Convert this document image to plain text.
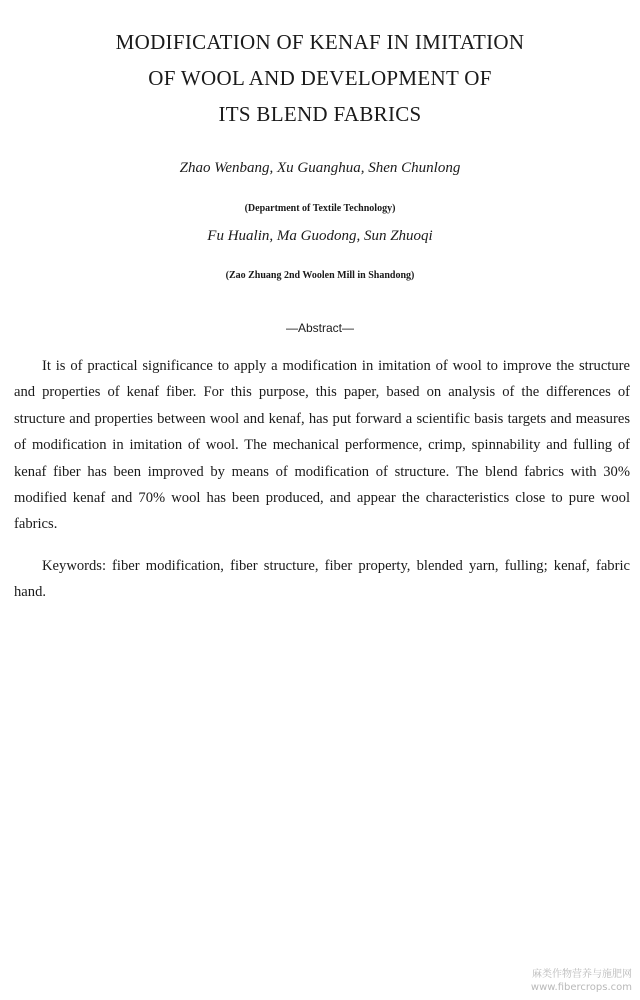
MODIFICATION OF KENAF IN IMITATION
OF WOOL AND DEVELOPMENT OF
ITS BLEND FABRICS

Zhao Wenbang, Xu Guanghua, Shen Chunlong

(Department of Textile Technology)

Fu Hualin, Ma Guodong, Sun Zhuoqi

(Zao Zhuang 2nd Woolen Mill in Shandong)

—Abstract—

It is of practical significance to apply a modification in imitation of wool to improve the structure and properties of kenaf fiber. For this purpose, this paper, based on analysis of the differences of structure and properties between wool and kenaf, has put forward a scientific basis targets and measures of modification in imitation of wool. The mechanical performence, crimp, spinnability and fulling of kenaf fiber has been improved by means of modification of structure. The blend fabrics with 30% modified kenaf and 70% wool has been produced, and appear the characteristics close to pure wool fabrics.

Keywords: fiber modification, fiber structure, fiber property, blended yarn, fulling; kenaf, fabric hand.

麻类作物营养与施肥网
www.fibercrops.com
